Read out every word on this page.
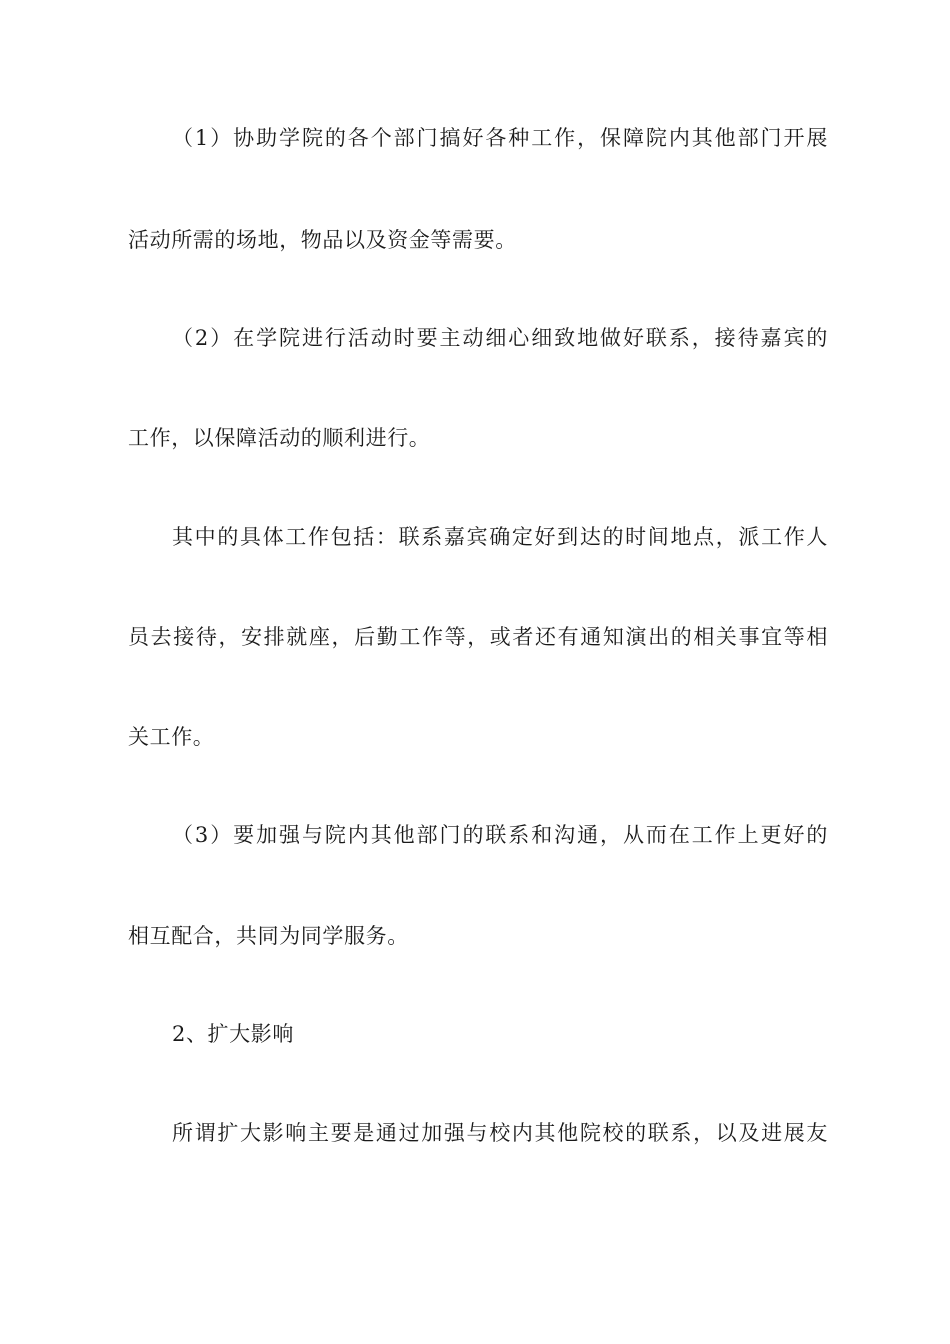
（1）协助学院的各个部门搞好各种工作，保障院内其他部门开展
活动所需的场地，物品以及资金等需要。
（2）在学院进行活动时要主动细心细致地做好联系，接待嘉宾的
工作，以保障活动的顺利进行。
其中的具体工作包括：联系嘉宾确定好到达的时间地点，派工作人
员去接待，安排就座，后勤工作等，或者还有通知演出的相关事宜等相
关工作。
（3）要加强与院内其他部门的联系和沟通，从而在工作上更好的
相互配合，共同为同学服务。
2、扩大影响
所谓扩大影响主要是通过加强与校内其他院校的联系，以及进展友
